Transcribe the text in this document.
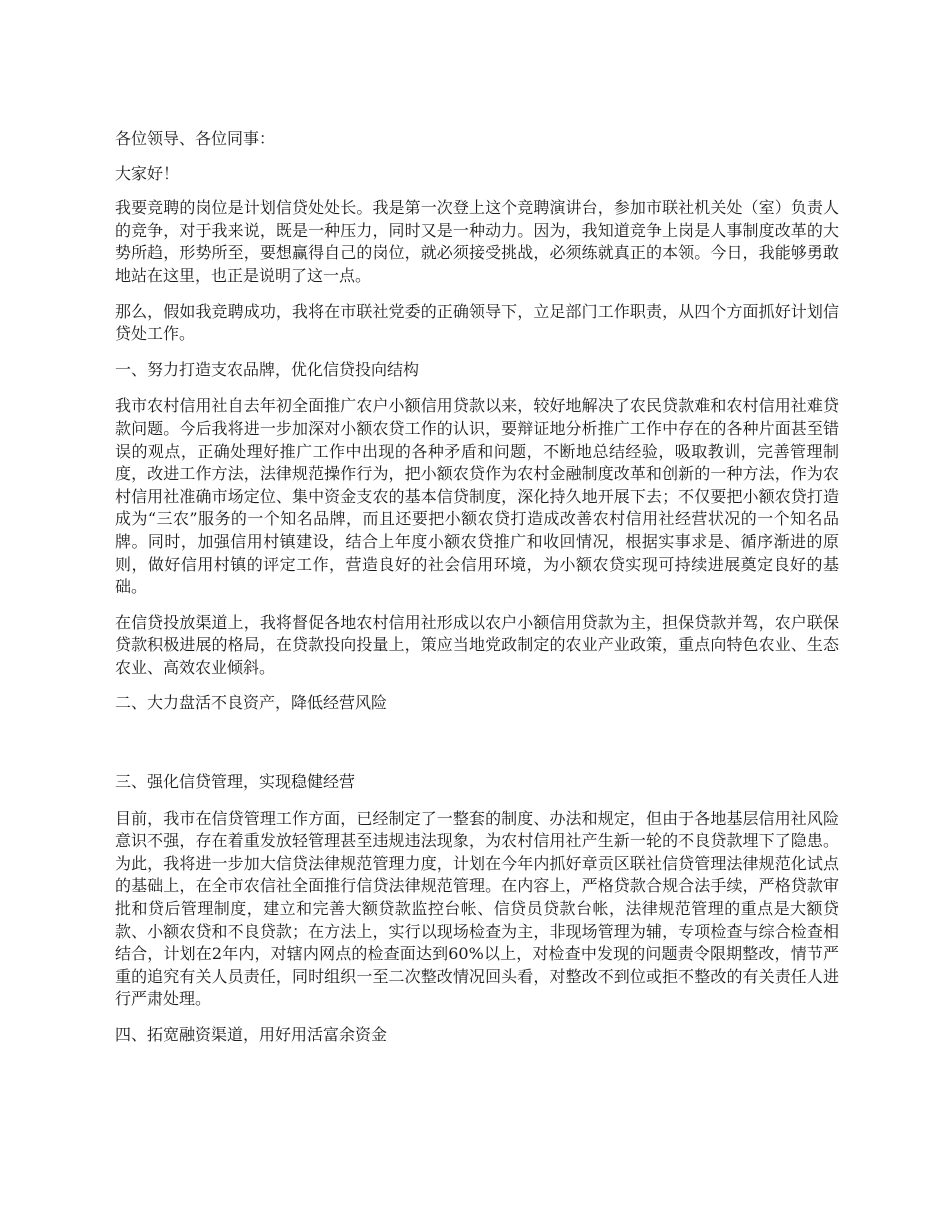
各位领导、各位同事：

大家好！

我要竞聘的岗位是计划信贷处处长。我是第一次登上这个竞聘演讲台，参加市联社机关处（室）负责人的竞争，对于我来说，既是一种压力，同时又是一种动力。因为，我知道竞争上岗是人事制度改革的大势所趋，形势所至，要想赢得自己的岗位，就必须接受挑战，必须练就真正的本领。今日，我能够勇敢地站在这里，也正是说明了这一点。

那么，假如我竞聘成功，我将在市联社党委的正确领导下，立足部门工作职责，从四个方面抓好计划信贷处工作。

一、努力打造支农品牌，优化信贷投向结构

我市农村信用社自去年初全面推广农户小额信用贷款以来，较好地解决了农民贷款难和农村信用社难贷款问题。今后我将进一步加深对小额农贷工作的认识，要辩证地分析推广工作中存在的各种片面甚至错误的观点，正确处理好推广工作中出现的各种矛盾和问题，不断地总结经验，吸取教训，完善管理制度，改进工作方法，法律规范操作行为，把小额农贷作为农村金融制度改革和创新的一种方法，作为农村信用社准确市场定位、集中资金支农的基本信贷制度，深化持久地开展下去；不仅要把小额农贷打造成为“三农”服务的一个知名品牌，而且还要把小额农贷打造成改善农村信用社经营状况的一个知名品牌。同时，加强信用村镇建设，结合上年度小额农贷推广和收回情况，根据实事求是、循序渐进的原则，做好信用村镇的评定工作，营造良好的社会信用环境，为小额农贷实现可持续进展奠定良好的基础。

在信贷投放渠道上，我将督促各地农村信用社形成以农户小额信用贷款为主，担保贷款并驾，农户联保贷款积极进展的格局，在贷款投向投量上，策应当地党政制定的农业产业政策，重点向特色农业、生态农业、高效农业倾斜。

二、大力盘活不良资产，降低经营风险

三、强化信贷管理，实现稳健经营

目前，我市在信贷管理工作方面，已经制定了一整套的制度、办法和规定，但由于各地基层信用社风险意识不强，存在着重发放轻管理甚至违规违法现象，为农村信用社产生新一轮的不良贷款埋下了隐患。为此，我将进一步加大信贷法律规范管理力度，计划在今年内抓好章贡区联社信贷管理法律规范化试点的基础上，在全市农信社全面推行信贷法律规范管理。在内容上，严格贷款合规合法手续，严格贷款审批和贷后管理制度，建立和完善大额贷款监控台帐、信贷员贷款台帐，法律规范管理的重点是大额贷款、小额农贷和不良贷款；在方法上，实行以现场检查为主，非现场管理为辅，专项检查与综合检查相结合，计划在2年内，对辖内网点的检查面达到60%以上，对检查中发现的问题责令限期整改，情节严重的追究有关人员责任，同时组织一至二次整改情况回头看，对整改不到位或拒不整改的有关责任人进行严肃处理。

四、拓宽融资渠道，用好用活富余资金
